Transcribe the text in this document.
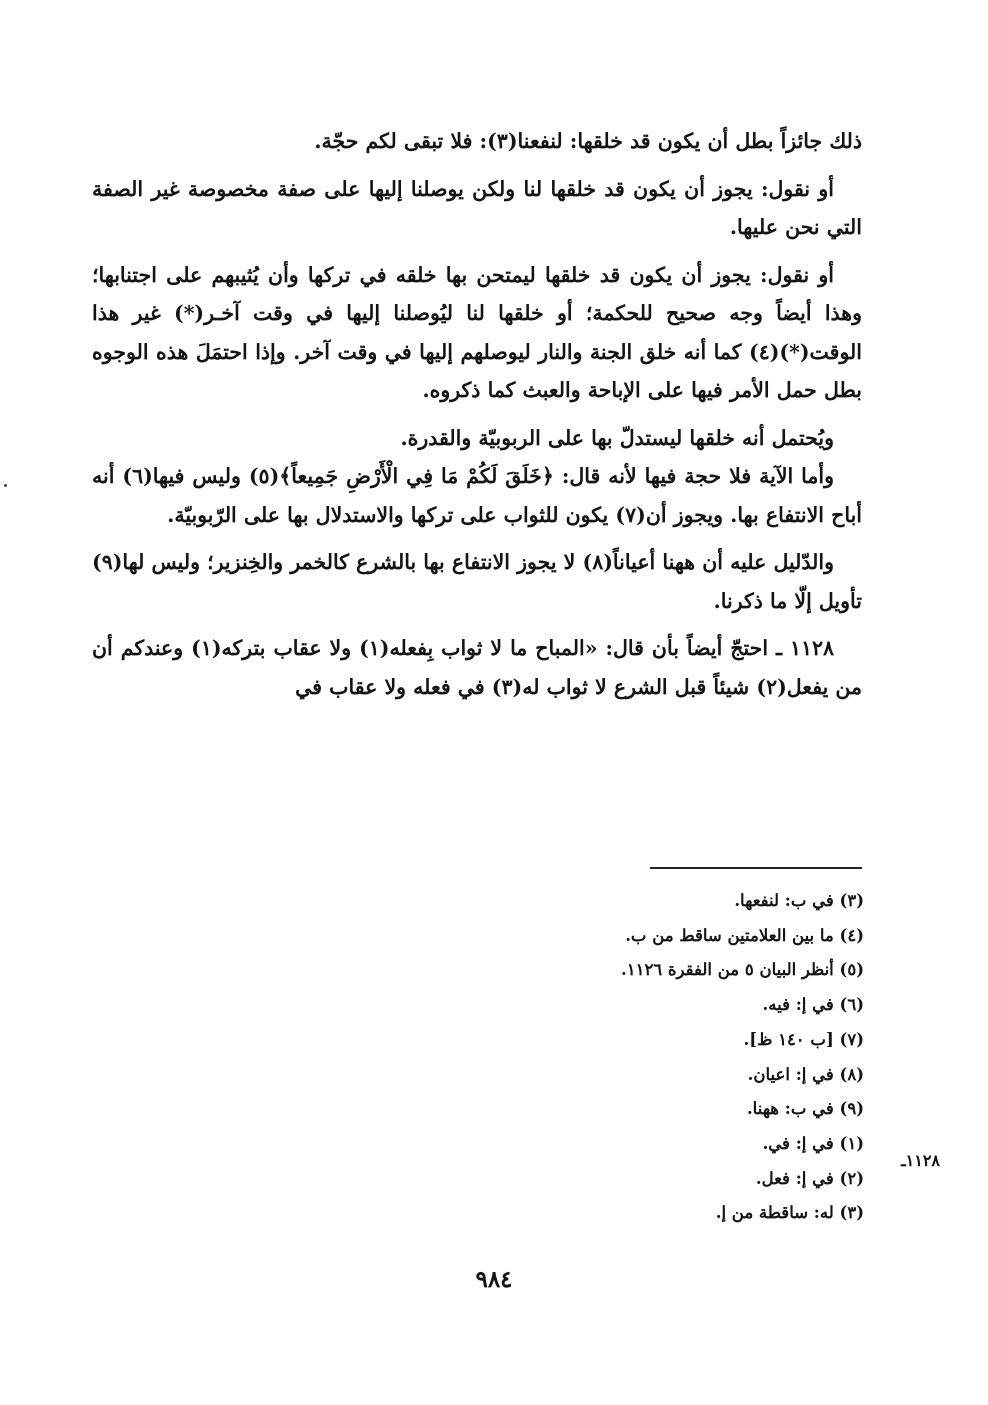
ذلك جائزاً بطل أن يكون قد خلقها: لنفعنا(٣): فلا تبقى لكم حجّة.

أو نقول: يجوز أن يكون قد خلقها لنا ولكن يوصلنا إليها على صفة مخصوصة غير الصفة التي نحن عليها.

أو نقول: يجوز أن يكون قد خلقها ليمتحن بها خلقه في تركها وأن يُثيبهم على اجتنابها؛ وهذا أيضاً وجه صحيح للحكمة؛ أو خلقها لنا ليُوصلنا إليها في وقت آخـر(*) غير هذا الوقت(*)(٤) كما أنه خلق الجنة والنار ليوصلهم إليها في وقت آخر. وإذا احتمَلَ هذه الوجوه بطل حمل الأمر فيها على الإباحة والعبث كما ذكروه.

ويُحتمل أنه خلقها ليستدلّ بها على الربوبيّة والقدرة.

وأما الآية فلا حجة فيها لأنه قال: ﴿خَلَقَ لَكُمْ مَا فِي الْأَرْضِ جَمِيعاً﴾(٥) وليس فيها(٦) أنه أباح الانتفاع بها. ويجوز أن(٧) يكون للثواب على تركها والاستدلال بها على الرّبوبيّة.

والدّليل عليه أن ههنا أعياناً(٨) لا يجوز الانتفاع بها بالشرع كالخمر والخِنزير؛ وليس لها(٩) تأويل إلّا ما ذكرنا.

١١٢٨ ـ احتجّ أيضاً بأن قال: «المباح ما لا ثواب بِفعله(١) ولا عقاب بتركه(١) وعندكم أن من يفعل(٢) شيئاً قبل الشرع لا ثواب له(٣) في فعله ولا عقاب في

(٣) في ب: لنفعها.
(٤) ما بين العلامتين ساقط من ب.
(٥) أنظر البيان ٥ من الفقرة ١١٢٦.
(٦) في إ: فيه.
(٧) [ب ١٤٠ ظ].
(٨) في إ: اعيان.
(٩) في ب: ههنا.
(١) في إ: في.
(٢) في إ: فعل.
(٣) له: ساقطة من إ.
١١٢٨ـ
٩٨٤
